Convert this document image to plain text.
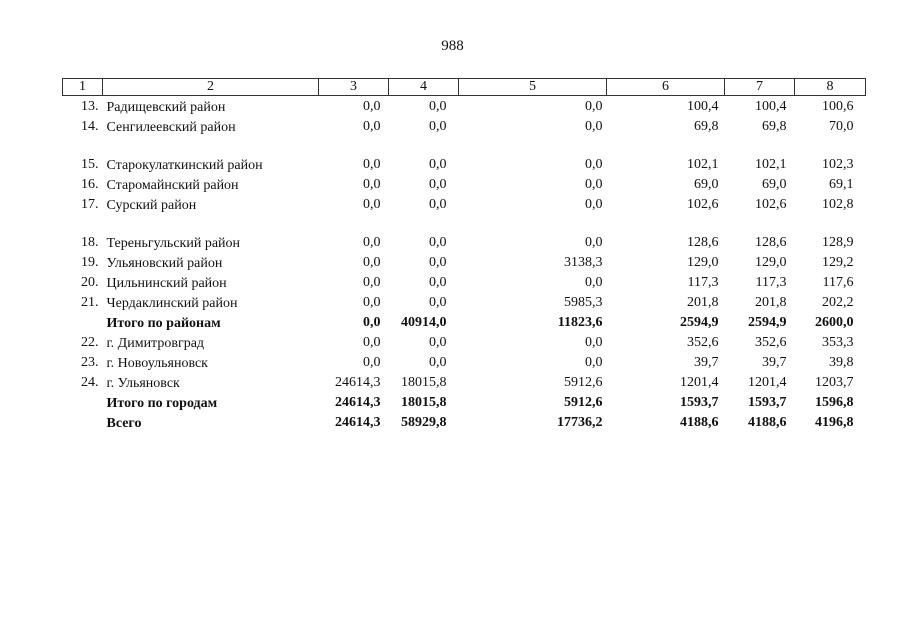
988
1	2	3	4	5	6	7	8
13.	Радищевский район	0,0	0,0	0,0	100,4	100,4	100,6
14.	Сенгилеевский район	0,0	0,0	0,0	69,8	69,8	70,0
15.	Старокулаткинский район	0,0	0,0	0,0	102,1	102,1	102,3
16.	Старомайнский район	0,0	0,0	0,0	69,0	69,0	69,1
17.	Сурский район	0,0	0,0	0,0	102,6	102,6	102,8
18.	Тереньгульский район	0,0	0,0	0,0	128,6	128,6	128,9
19.	Ульяновский район	0,0	0,0	3138,3	129,0	129,0	129,2
20.	Цильнинский район	0,0	0,0	0,0	117,3	117,3	117,6
21.	Чердаклинский район	0,0	0,0	5985,3	201,8	201,8	202,2
	Итого по районам	0,0	40914,0	11823,6	2594,9	2594,9	2600,0
22.	г. Димитровград	0,0	0,0	0,0	352,6	352,6	353,3
23.	г. Новоульяновск	0,0	0,0	0,0	39,7	39,7	39,8
24.	г. Ульяновск	24614,3	18015,8	5912,6	1201,4	1201,4	1203,7
	Итого по городам	24614,3	18015,8	5912,6	1593,7	1593,7	1596,8
	Всего	24614,3	58929,8	17736,2	4188,6	4188,6	4196,8
